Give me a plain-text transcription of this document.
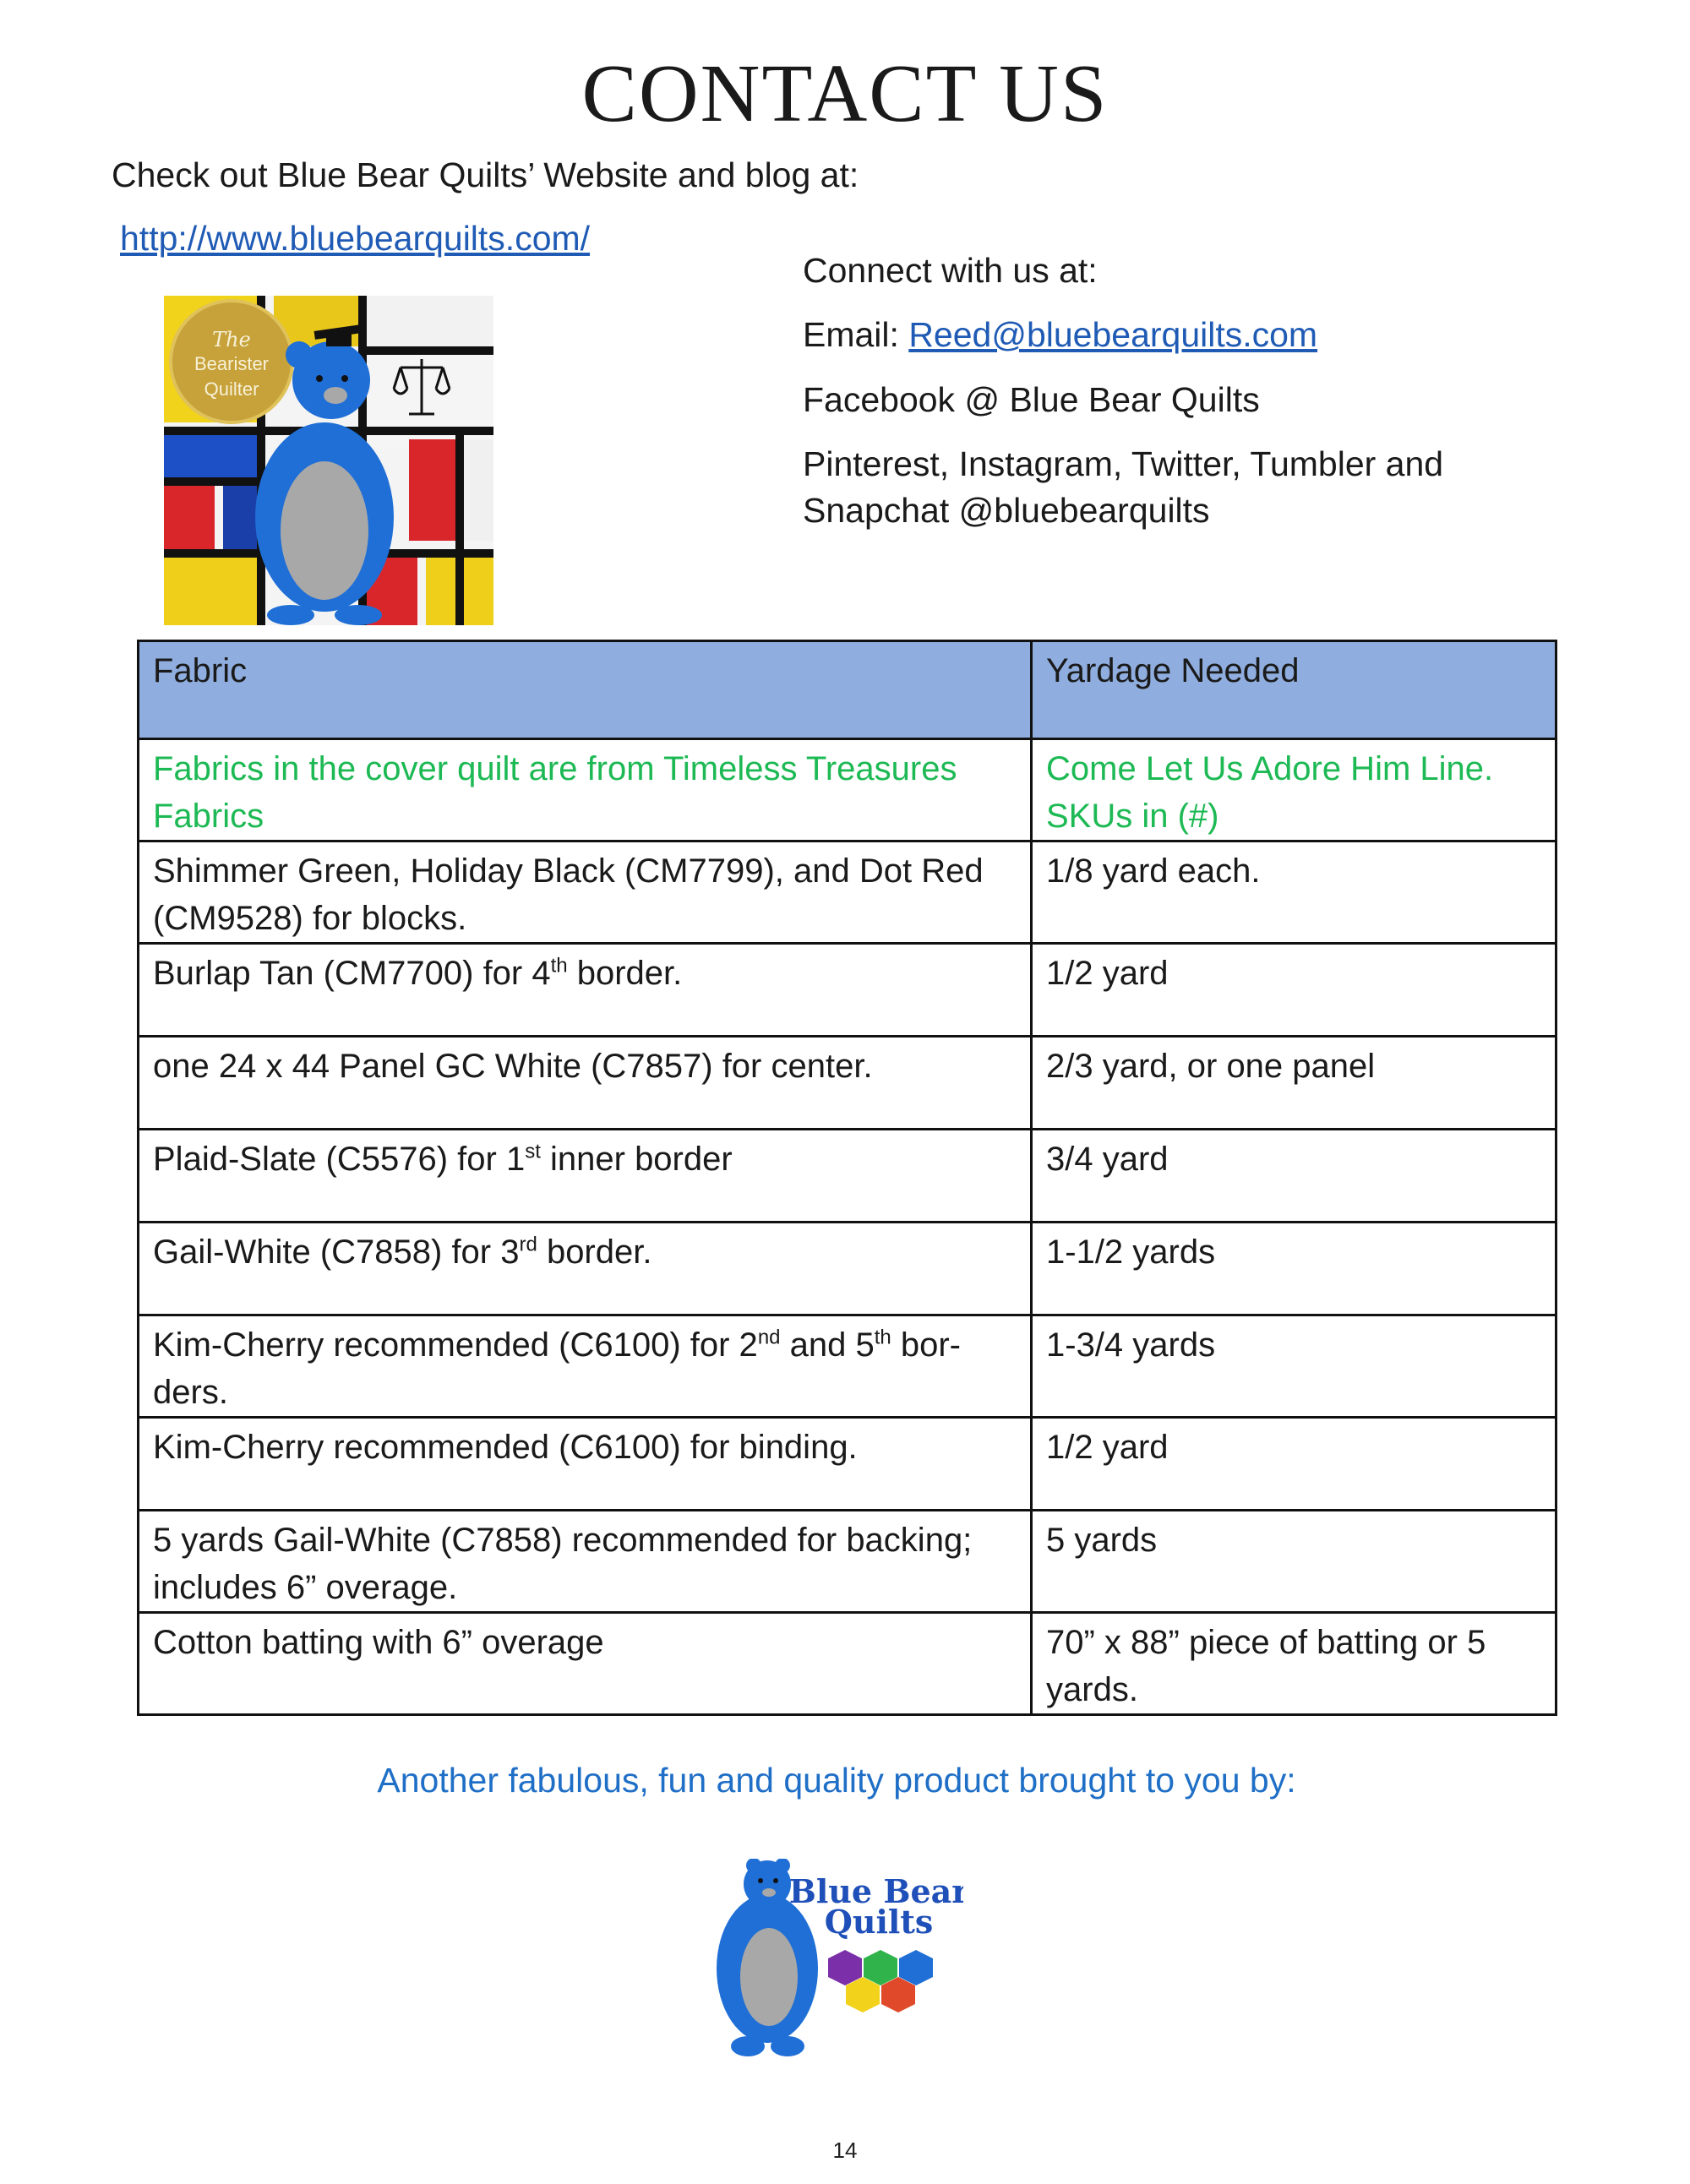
CONTACT US
Check out Blue Bear Quilts’ Website and blog at:
http://www.bluebearquilts.com/
The
Bearister
Quilter

Connect with us at:

Email: Reed@bluebearquilts.com

Facebook @ Blue Bear Quilts

Pinterest, Instagram, Twitter, Tumbler and

Snapchat @bluebearquilts

Fabric	Yardage Needed
Fabrics in the cover quilt are from Timeless Treasures Fabrics	Come Let Us Adore Him Line. SKUs in (#)
Shimmer Green, Holiday Black (CM7799), and Dot Red (CM9528) for blocks.	1/8 yard each.
Burlap Tan (CM7700) for 4th border.	1/2 yard
one 24 x 44 Panel GC White (C7857) for center.	2/3 yard, or one panel
Plaid-Slate (C5576) for 1st inner border	3/4 yard
Gail-White (C7858) for 3rd border.	1-1/2 yards
Kim-Cherry recommended (C6100) for 2nd and 5th bor-ders.	1-3/4 yards
Kim-Cherry recommended (C6100) for binding.	1/2 yard
5 yards Gail-White (C7858) recommended for backing; includes 6” overage.	5 yards
Cotton batting with 6” overage	70” x 88” piece of batting or 5 yards.
Another fabulous, fun and quality product brought to you by:
Blue Bear
Quilts
14
